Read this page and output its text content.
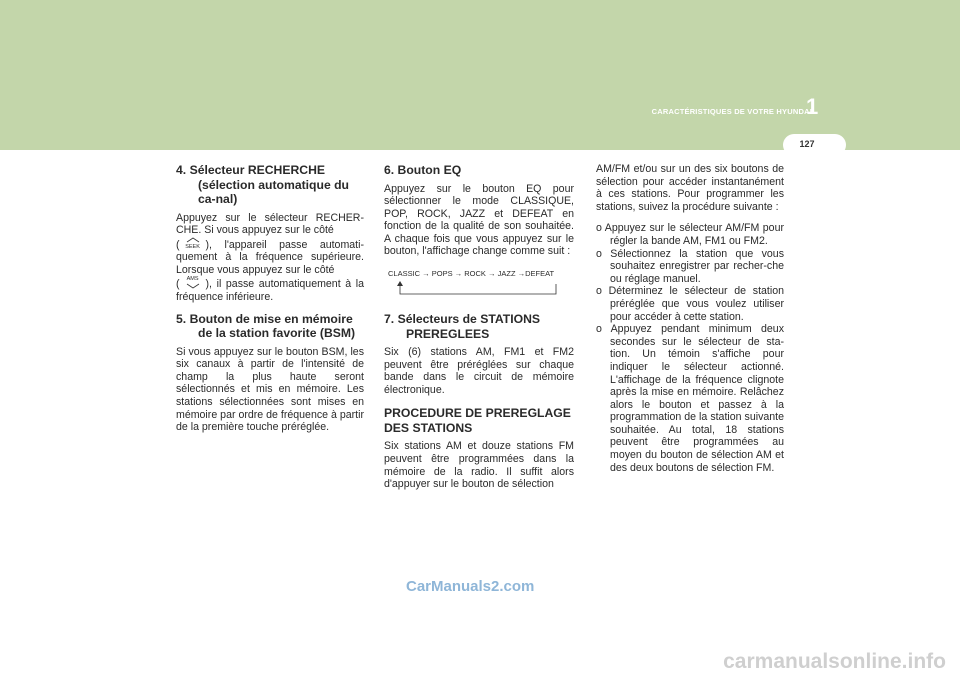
CARACTÉRISTIQUES DE VOTRE HYUNDAI
1
127
4. Sélecteur RECHERCHE
(sélection automatique du ca-nal)
Appuyez sur le sélecteur RECHER-CHE. Si vous appuyez sur le côté
(	SEEK ), l'appareil passe automati-quement à la fréquence supérieure. Lorsque vous appuyez sur le côté
(	AMS ), il passe automatiquement à la fréquence inférieure.
5. Bouton de mise en mémoire
de la station favorite (BSM)
Si vous appuyez sur le bouton BSM, les six canaux à partir de l'intensité de champ la plus haute seront sélectionnés et mis en mémoire. Les stations sélectionnées sont mises en mémoire par ordre de fréquence à partir de la première touche préréglée.
6. Bouton EQ
Appuyez sur le bouton EQ pour sélectionner le mode CLASSIQUE, POP, ROCK, JAZZ et DEFEAT en fonction de la qualité de son souhaitée. A chaque fois que vous appuyez sur le bouton, l'affichage change comme suit :
CLASSIC → POPS → ROCK → JAZZ →DEFEAT
7. Sélecteurs de STATIONS
PREREGLEES
Six (6) stations AM, FM1 et FM2 peuvent être préréglées sur chaque bande dans le circuit de mémoire électronique.
PROCEDURE DE PREREGLAGE DES STATIONS
Six stations AM et douze stations FM peuvent être programmées dans la mémoire de la radio. Il suffit alors d'appuyer sur le bouton de sélection
AM/FM et/ou sur un des six boutons de sélection pour accéder instantanément à ces stations. Pour programmer les stations, suivez la procédure suivante :
o Appuyez sur le sélecteur AM/FM pour régler la bande AM, FM1 ou FM2.
o Sélectionnez la station que vous souhaitez enregistrer par recher-che ou réglage manuel.
o Déterminez le sélecteur de station préréglée que vous voulez utiliser pour accéder à cette station.
o Appuyez pendant minimum deux secondes sur le sélecteur de sta-tion. Un témoin s'affiche pour indiquer le sélecteur actionné. L'affichage de la fréquence clignote après la mise en mémoire. Relâchez alors le bouton et passez à la programmation de la station suivante souhaitée. Au total, 18 stations peuvent être programmées au moyen du bouton de sélection AM et des deux boutons de sélection FM.
CarManuals2.com
carmanualsonline.info
